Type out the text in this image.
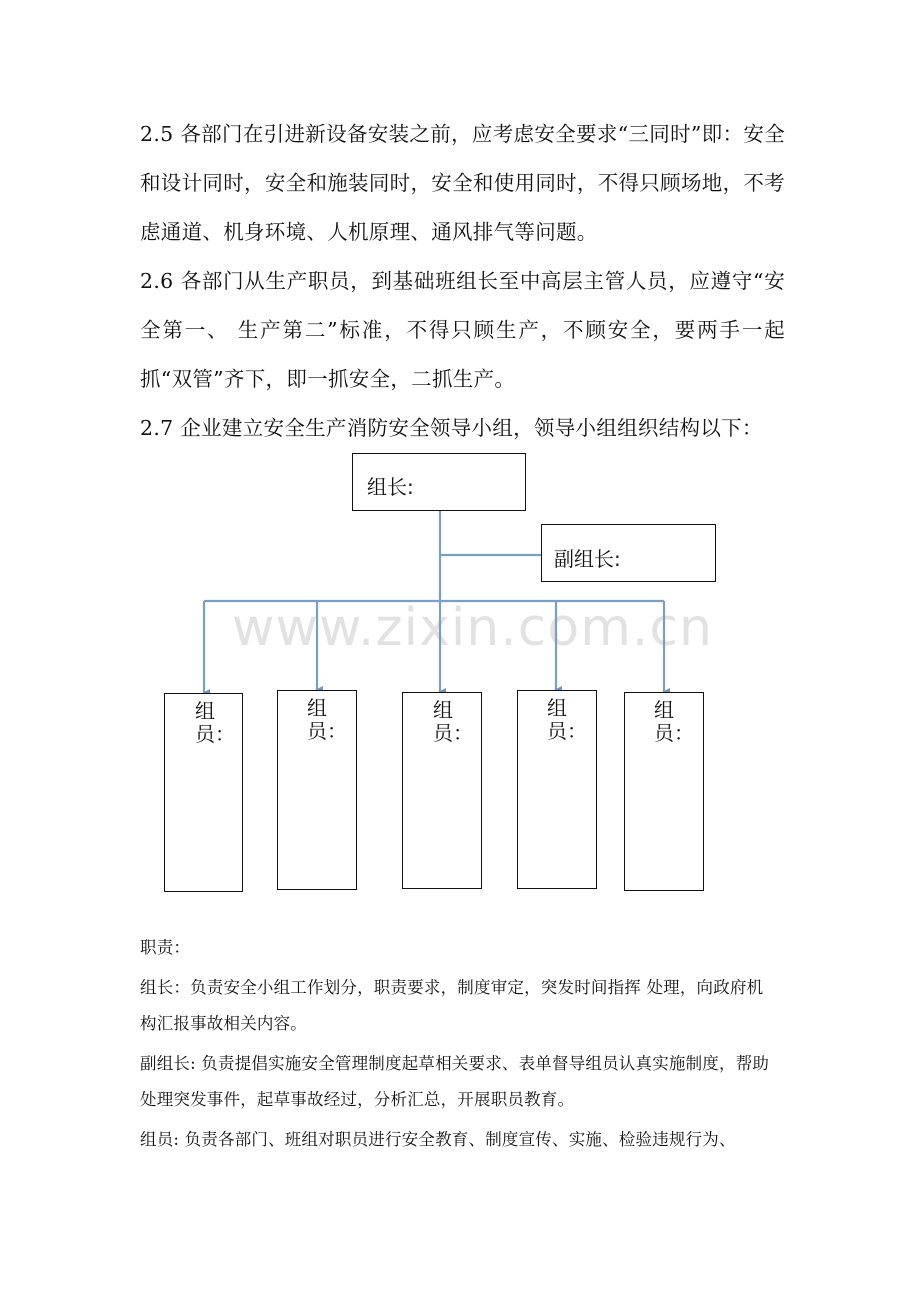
2.5 各部门在引进新设备安装之前，应考虑安全要求“三同时”即：安全和设计同时，安全和施装同时，安全和使用同时，不得只顾场地，不考虑通道、机身环境、人机原理、通风排气等问题。

2.6 各部门从生产职员，到基础班组长至中高层主管人员，应遵守“安全第一、 生产第二”标准，不得只顾生产，不顾安全，要两手一起抓“双管”齐下，即一抓安全，二抓生产。

2.7 企业建立安全生产消防安全领导小组，领导小组组织结构以下：

组长:
副组长:
组员：
组员：
组员：
组员：
组员：
www.zixin.com.cn

职责：

组长：负责安全小组工作划分，职责要求，制度审定，突发时间指挥 处理，向政府机构汇报事故相关内容。

副组长: 负责提倡实施安全管理制度起草相关要求、表单督导组员认真实施制度，帮助处理突发事件，起草事故经过，分析汇总，开展职员教育。

组员: 负责各部门、班组对职员进行安全教育、制度宣传、实施、检验违规行为、
